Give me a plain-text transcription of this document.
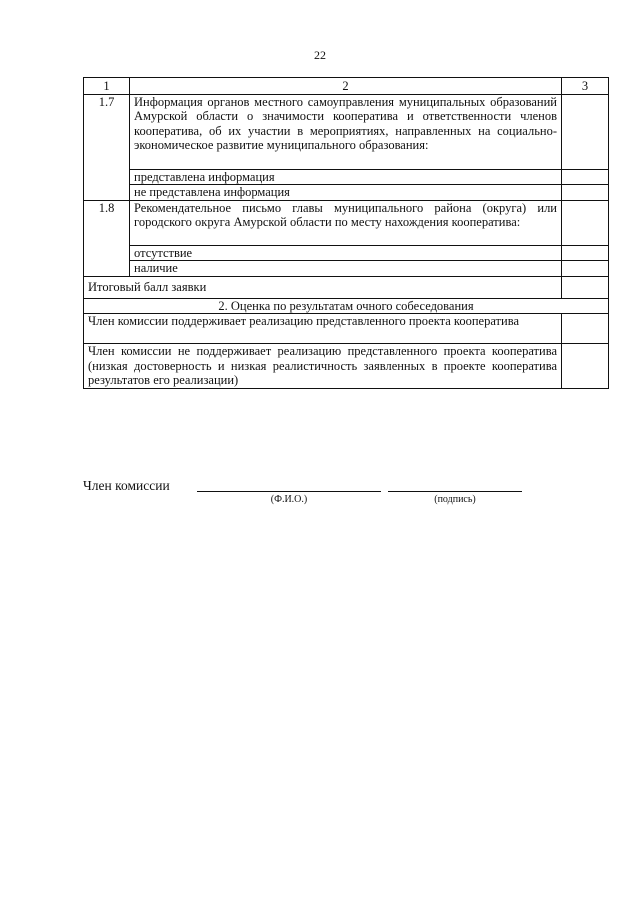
22
1	2	3
1.7	Информация органов местного самоуправления муниципальных образований Амурской области о значимости кооператива и ответственности членов кооператива, об их участии в мероприятиях, направленных на социально-экономическое развитие муниципального образования:	
	представлена информация	
	не представлена информация	
1.8	Рекомендательное письмо главы муниципального района (округа) или городского округа Амурской области по месту нахождения кооператива:	
	отсутствие	
	наличие	
Итоговый балл заявки		
2. Оценка по результатам очного собеседования		
Член комиссии поддерживает реализацию представленного проекта кооператива		
Член комиссии не поддерживает реализацию представленного проекта кооператива (низкая достоверность и низкая реалистичность заявленных в проекте кооператива результатов его реализации)		
Член комиссии
(Ф.И.О.)	(подпись)
